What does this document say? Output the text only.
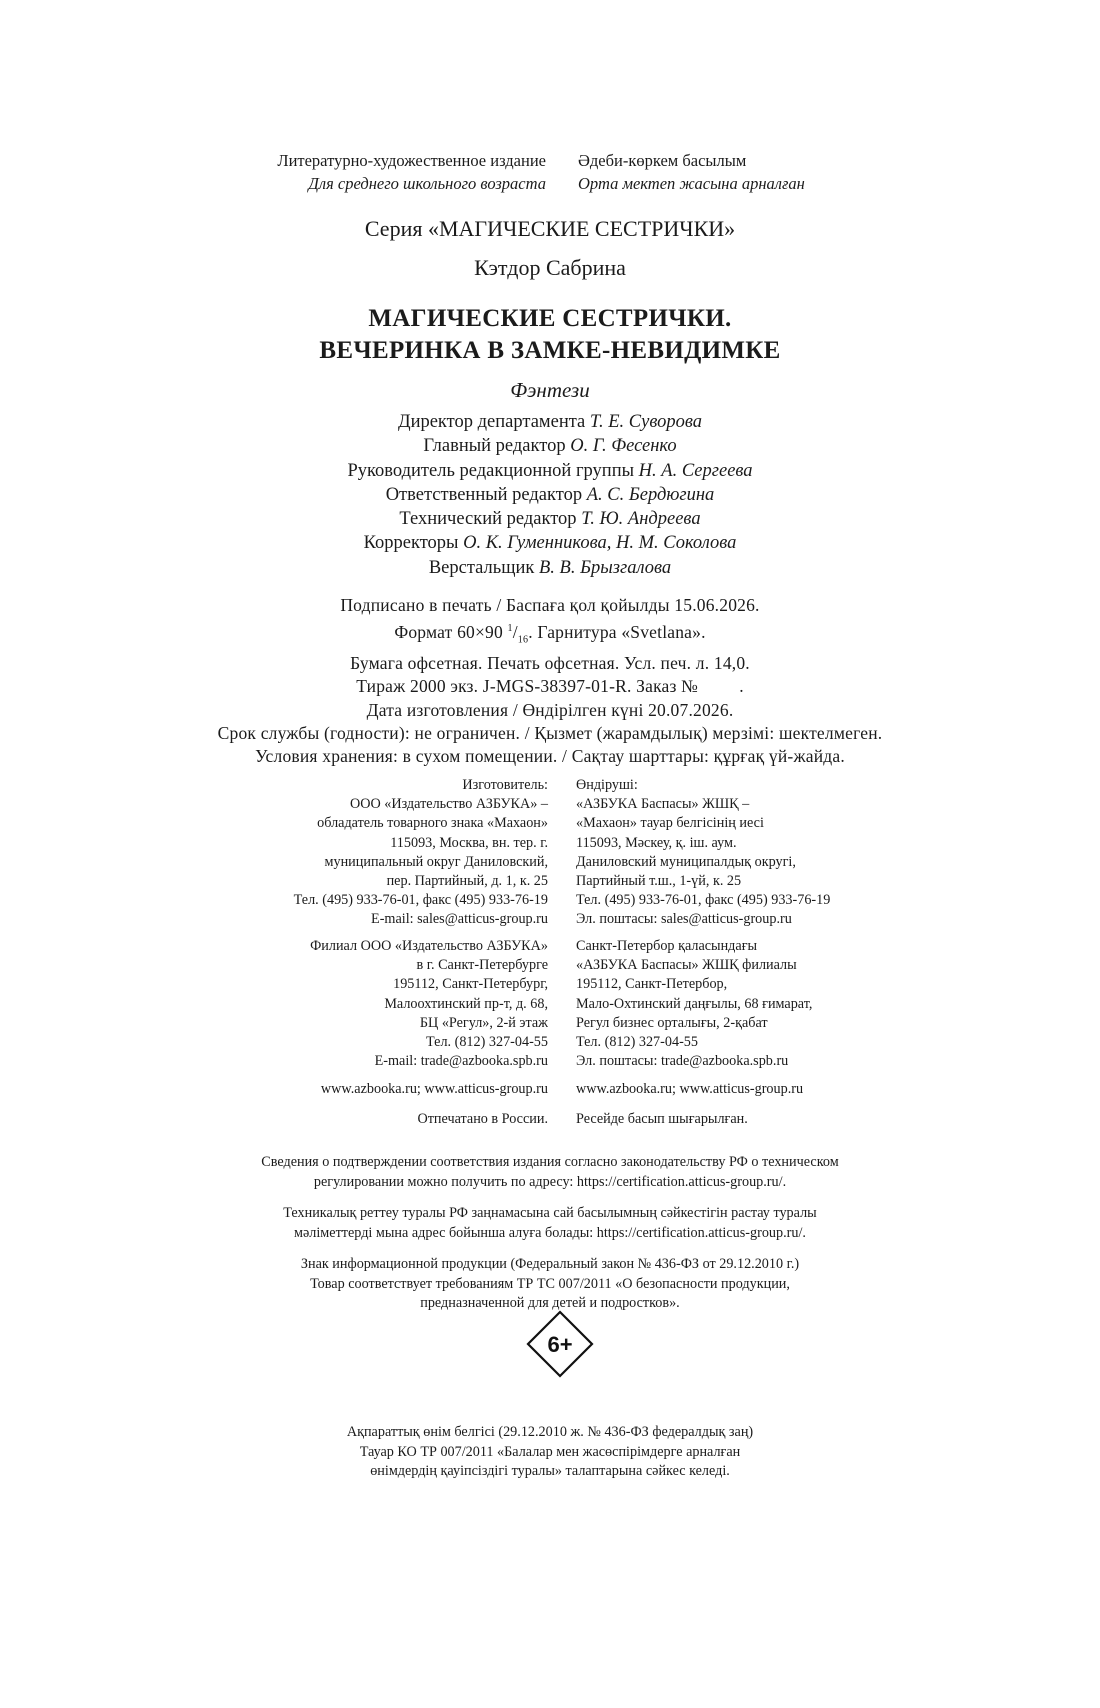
Литературно-художественное издание
Для среднего школьного возраста
Әдеби-көркем басылым
Орта мектеп жасына арналған
Серия «МАГИЧЕСКИЕ СЕСТРИЧКИ»
Кэтдор Сабрина
МАГИЧЕСКИЕ СЕСТРИЧКИ.
ВЕЧЕРИНКА В ЗАМКЕ-НЕВИДИМКЕ
Фэнтези
Директор департамента Т. Е. Суворова
Главный редактор О. Г. Фесенко
Руководитель редакционной группы Н. А. Сергеева
Ответственный редактор А. С. Бердюгина
Технический редактор Т. Ю. Андреева
Корректоры О. К. Гуменникова, Н. М. Соколова
Верстальщик В. В. Брызгалова
Подписано в печать / Баспаға қол қойылды 15.06.2026.
Формат 60×90 $^1/_{16}$. Гарнитура «Svetlana».
Бумага офсетная. Печать офсетная. Усл. печ. л. 14,0.
Тираж 2000 экз. J-MGS-38397-01-R. Заказ №         .
Дата изготовления / Өндірілген күні 20.07.2026.
Срок службы (годности): не ограничен. / Қызмет (жарамдылық) мерзімі: шектелмеген.
Условия хранения: в сухом помещении. / Сақтау шарттары: құрғақ үй-жайда.
Изготовитель:
ООО «Издательство АЗБУКА» –
обладатель товарного знака «Махаон»
115093, Москва, вн. тер. г.
муниципальный округ Даниловский,
пер. Партийный, д. 1, к. 25
Тел. (495) 933-76-01, факс (495) 933-76-19
E-mail: sales@atticus-group.ru
Өндіруші:
«АЗБУКА Баспасы» ЖШҚ –
«Махаон» тауар белгісінің иесі
115093, Мәскеу, қ. іш. аум.
Даниловский муниципалдық округі,
Партийный т.ш., 1-үй, к. 25
Тел. (495) 933-76-01, факс (495) 933-76-19
Эл. поштасы: sales@atticus-group.ru
Филиал ООО «Издательство АЗБУКА»
в г. Санкт-Петербурге
195112, Санкт-Петербург,
Малоохтинский пр-т, д. 68,
БЦ «Регул», 2-й этаж
Тел. (812) 327-04-55
E-mail: trade@azbooka.spb.ru
Санкт-Петербор қаласындағы
«АЗБУКА Баспасы» ЖШҚ филиалы
195112, Санкт-Петербор,
Мало-Охтинский даңғылы, 68 ғимарат,
Регул бизнес орталығы, 2-қабат
Тел. (812) 327-04-55
Эл. поштасы: trade@azbooka.spb.ru
www.azbooka.ru; www.atticus-group.ru www.azbooka.ru; www.atticus-group.ru
Отпечатано в России. Ресейде басып шығарылған.
Сведения о подтверждении соответствия издания согласно законодательству РФ о техническом
регулировании можно получить по адресу: https://certification.atticus-group.ru/.
Техникалық реттеу туралы РФ заңнамасына сай басылымның сәйкестігін растау туралы
мәліметтерді мына адрес бойынша алуға болады: https://certification.atticus-group.ru/.
Знак информационной продукции (Федеральный закон № 436-ФЗ от 29.12.2010 г.)
Товар соответствует требованиям ТР ТС 007/2011 «О безопасности продукции,
предназначенной для детей и подростков».
6+
Ақпараттық өнім белгісі (29.12.2010 ж. № 436-ФЗ федералдық заң)
Тауар КО ТР 007/2011 «Балалар мен жасөспірімдерге арналған
өнімдердің қауіпсіздігі туралы» талаптарына сәйкес келеді.
